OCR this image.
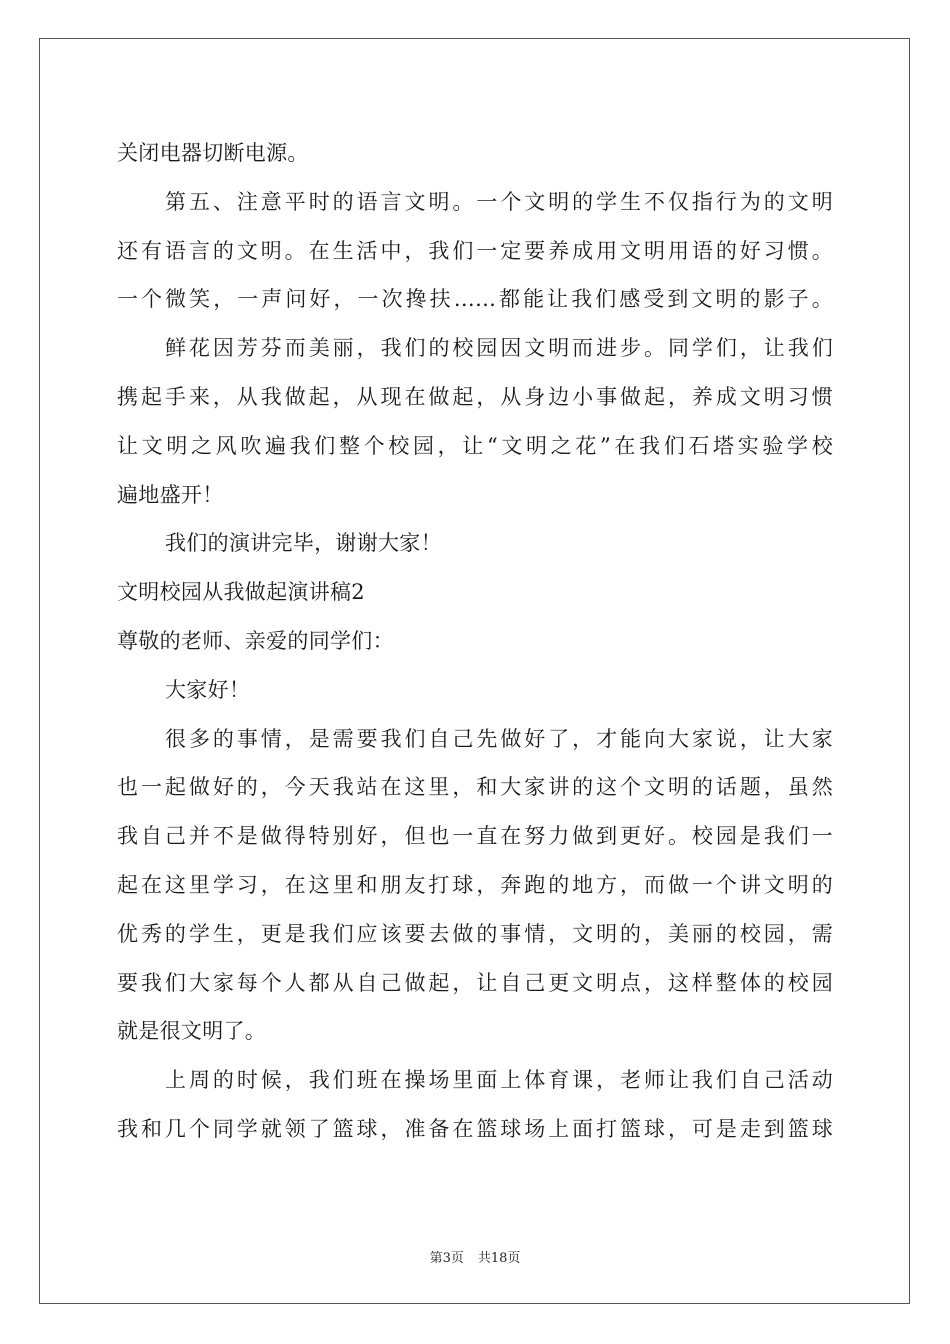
关闭电器切断电源。
第五、注意平时的语言文明。一个文明的学生不仅指行为的文明
还有语言的文明。在生活中，我们一定要养成用文明用语的好习惯。
一个微笑，一声问好，一次搀扶……都能让我们感受到文明的影子。
鲜花因芳芬而美丽，我们的校园因文明而进步。同学们，让我们
携起手来，从我做起，从现在做起，从身边小事做起，养成文明习惯
让文明之风吹遍我们整个校园，让“文明之花”在我们石塔实验学校
遍地盛开！
我们的演讲完毕，谢谢大家！
文明校园从我做起演讲稿2
尊敬的老师、亲爱的同学们：
大家好！
很多的事情，是需要我们自己先做好了，才能向大家说，让大家
也一起做好的，今天我站在这里，和大家讲的这个文明的话题，虽然
我自己并不是做得特别好，但也一直在努力做到更好。校园是我们一
起在这里学习，在这里和朋友打球，奔跑的地方，而做一个讲文明的
优秀的学生，更是我们应该要去做的事情，文明的，美丽的校园，需
要我们大家每个人都从自己做起，让自己更文明点，这样整体的校园
就是很文明了。
上周的时候，我们班在操场里面上体育课，老师让我们自己活动
我和几个同学就领了篮球，准备在篮球场上面打篮球，可是走到篮球
第3页 共18页
